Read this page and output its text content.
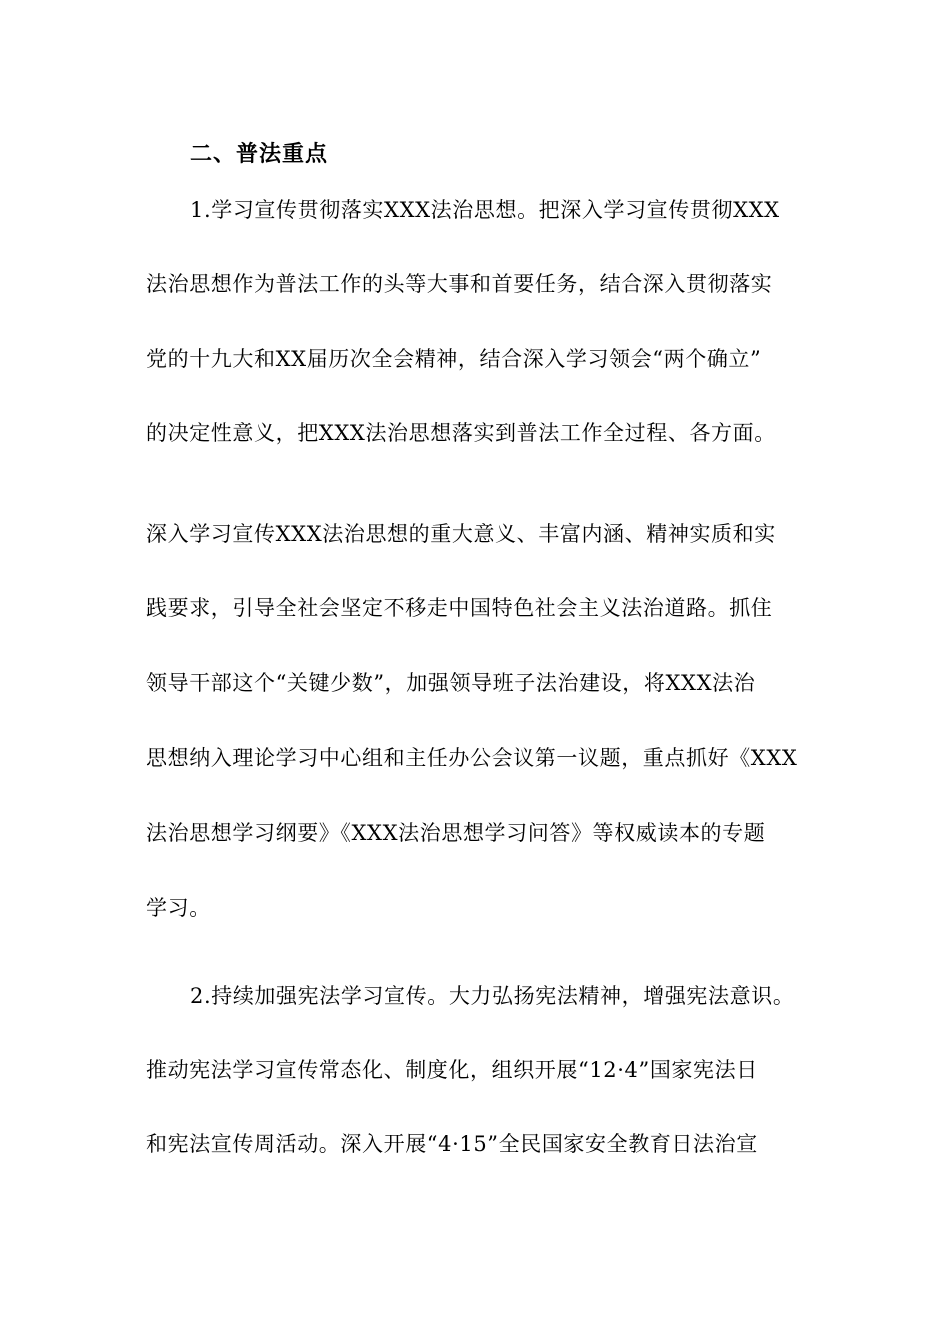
二、普法重点
1.学习宣传贯彻落实XXX法治思想。把深入学习宣传贯彻XXX
法治思想作为普法工作的头等大事和首要任务，结合深入贯彻落实
党的十九大和XX届历次全会精神，结合深入学习领会“两个确立”
的决定性意义，把XXX法治思想落实到普法工作全过程、各方面。
深入学习宣传XXX法治思想的重大意义、丰富内涵、精神实质和实
践要求，引导全社会坚定不移走中国特色社会主义法治道路。抓住
领导干部这个“关键少数”，加强领导班子法治建设，将XXX法治
思想纳入理论学习中心组和主任办公会议第一议题，重点抓好《XXX
法治思想学习纲要》《XXX法治思想学习问答》等权威读本的专题
学习。
2.持续加强宪法学习宣传。大力弘扬宪法精神，增强宪法意识。
推动宪法学习宣传常态化、制度化，组织开展“12·4”国家宪法日
和宪法宣传周活动。深入开展“4·15”全民国家安全教育日法治宣
